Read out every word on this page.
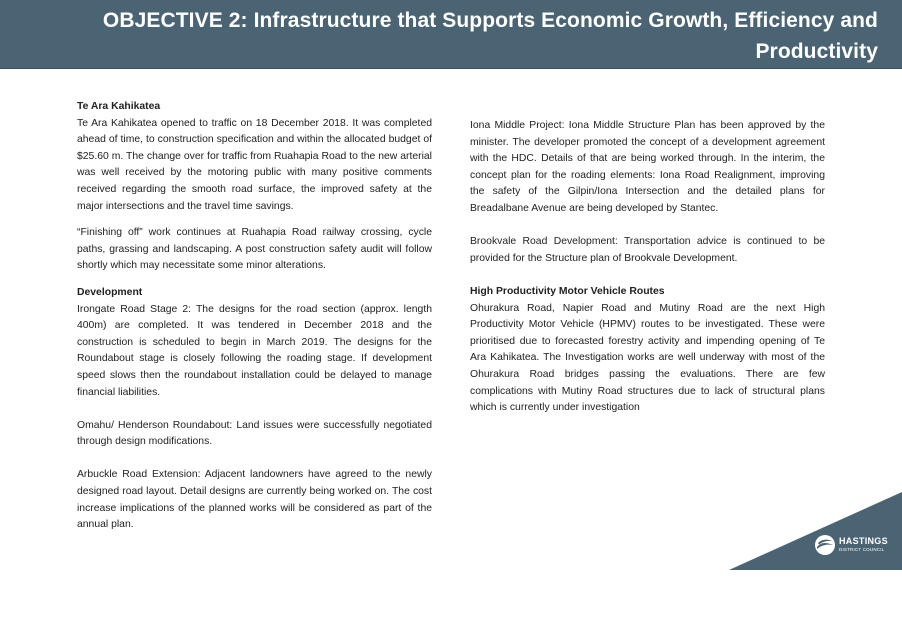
OBJECTIVE 2: Infrastructure that Supports Economic Growth, Efficiency and Productivity
Te Ara Kahikatea

Te Ara Kahikatea opened to traffic on 18 December 2018. It was completed ahead of time, to construction specification and within the allocated budget of $25.60 m. The change over for traffic from Ruahapia Road to the new arterial was well received by the motoring public with many positive comments received regarding the smooth road surface, the improved safety at the major intersections and the travel time savings.

“Finishing off” work continues at Ruahapia Road railway crossing, cycle paths, grassing and landscaping. A post construction safety audit will follow shortly which may necessitate some minor alterations.

Development

Irongate Road Stage 2: The designs for the road section (approx. length 400m) are completed. It was tendered in December 2018 and the construction is scheduled to begin in March 2019. The designs for the Roundabout stage is closely following the roading stage. If development speed slows then the roundabout installation could be delayed to manage financial liabilities.

Omahu/ Henderson Roundabout: Land issues were successfully negotiated through design modifications.

Arbuckle Road Extension: Adjacent landowners have agreed to the newly designed road layout. Detail designs are currently being worked on. The cost increase implications of the planned works will be considered as part of the annual plan.

Iona Middle Project: Iona Middle Structure Plan has been approved by the minister. The developer promoted the concept of a development agreement with the HDC. Details of that are being worked through. In the interim, the concept plan for the roading elements: Iona Road Realignment, improving the safety of the Gilpin/Iona Intersection and the detailed plans for Breadalbane Avenue are being developed by Stantec.

Brookvale Road Development: Transportation advice is continued to be provided for the Structure plan of Brookvale Development.

High Productivity Motor Vehicle Routes

Ohurakura Road, Napier Road and Mutiny Road are the next High Productivity Motor Vehicle (HPMV) routes to be investigated. These were prioritised due to forecasted forestry activity and impending opening of Te Ara Kahikatea. The Investigation works are well underway with most of the Ohurakura Road bridges passing the evaluations. There are few complications with Mutiny Road structures due to lack of structural plans which is currently under investigation

HASTINGS
DISTRICT COUNCIL
